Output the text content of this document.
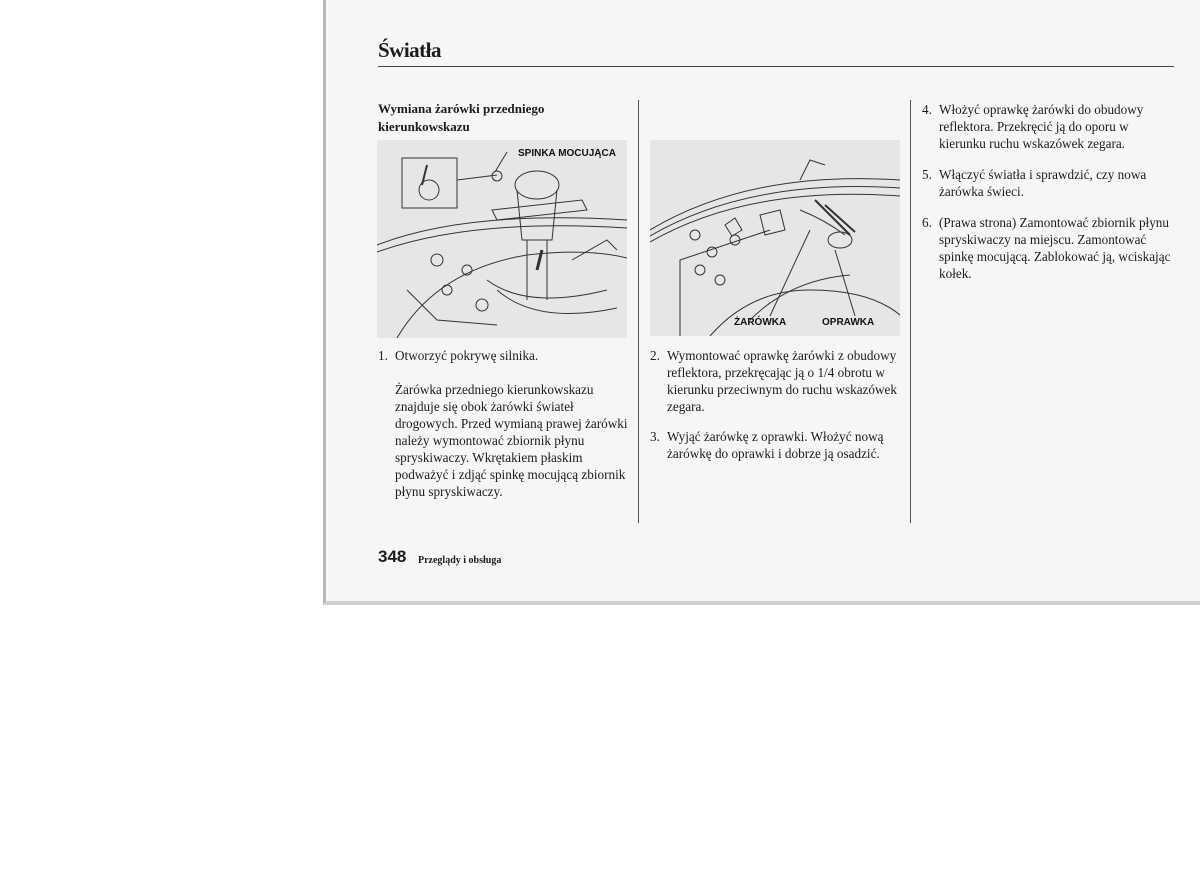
Światła
Wymiana żarówki przedniego kierunkowskazu
SPINKA MOCUJĄCA
ŻARÓWKA	OPRAWKA
1. Otworzyć pokrywę silnika.
Żarówka przedniego kierunkowskazu znajduje się obok żarówki świateł drogowych. Przed wymianą prawej żarówki należy wymontować zbiornik płynu spryskiwaczy. Wkrętakiem płaskim podważyć i zdjąć spinkę mocującą zbiornik płynu spryskiwaczy.
2. Wymontować oprawkę żarówki z obudowy reflektora, przekręcając ją o 1/4 obrotu w kierunku przeciwnym do ruchu wskazówek zegara.
3. Wyjąć żarówkę z oprawki. Włożyć nową żarówkę do oprawki i dobrze ją osadzić.
4. Włożyć oprawkę żarówki do obudowy reflektora. Przekręcić ją do oporu w kierunku ruchu wskazówek zegara.
5. Włączyć światła i sprawdzić, czy nowa żarówka świeci.
6. (Prawa strona) Zamontować zbiornik płynu spryskiwaczy na miejscu. Zamontować spinkę mocującą. Zablokować ją, wciskając kołek.
348 Przeglądy i obsługa
